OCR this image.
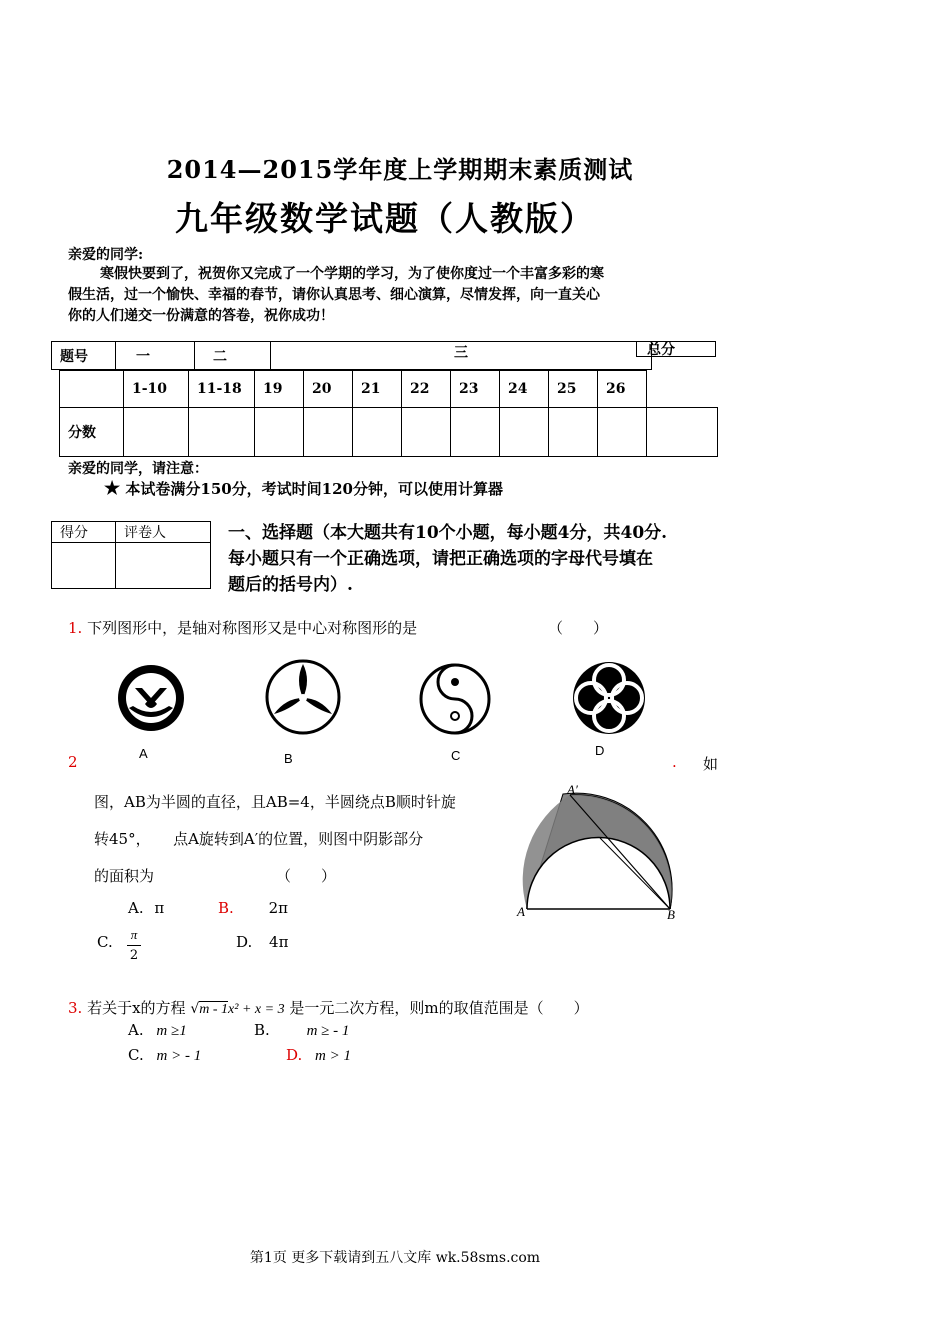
2014—2015学年度上学期期末素质测试
九年级数学试题（人教版）
亲爱的同学:
寒假快要到了，祝贺你又完成了一个学期的学习，为了使你度过一个丰富多彩的寒
假生活，过一个愉快、幸福的春节，请你认真思考、细心演算，尽情发挥，向一直关心
你的人们递交一份满意的答卷，祝你成功！
题号	一	二	三	总分
	1-10	11-18	19	20	21	22	23	24	25	26	
分数											
亲爱的同学，请注意：
★ 本试卷满分150分，考试时间120分钟，可以使用计算器
得分	评卷人
		一、选择题（本大题共有10个小题，每小题4分，共40分.
每小题只有一个正确选项，请把正确选项的字母代号填在
题后的括号内）.
1. 下列图形中，是轴对称图形又是中心对称图形的是	（　　）
A	B	C	D
2	. 如
图，AB为半圆的直径，且AB=4，半圆绕点B顺时针旋
转45°，　　点A旋转到A′的位置，则图中阴影部分
的面积为	（　　）
A. π	B. 2π
C. π
2
D. 4π
A	B
A′
3. 若关于x的方程 √m - 1x² + x = 3 是一元二次方程，则m的取值范围是（　　）
A. m ≥1	B. m ≥ - 1
C. m > - 1	D. m > 1
第1页 更多下载请到五八文库 wk.58sms.com
